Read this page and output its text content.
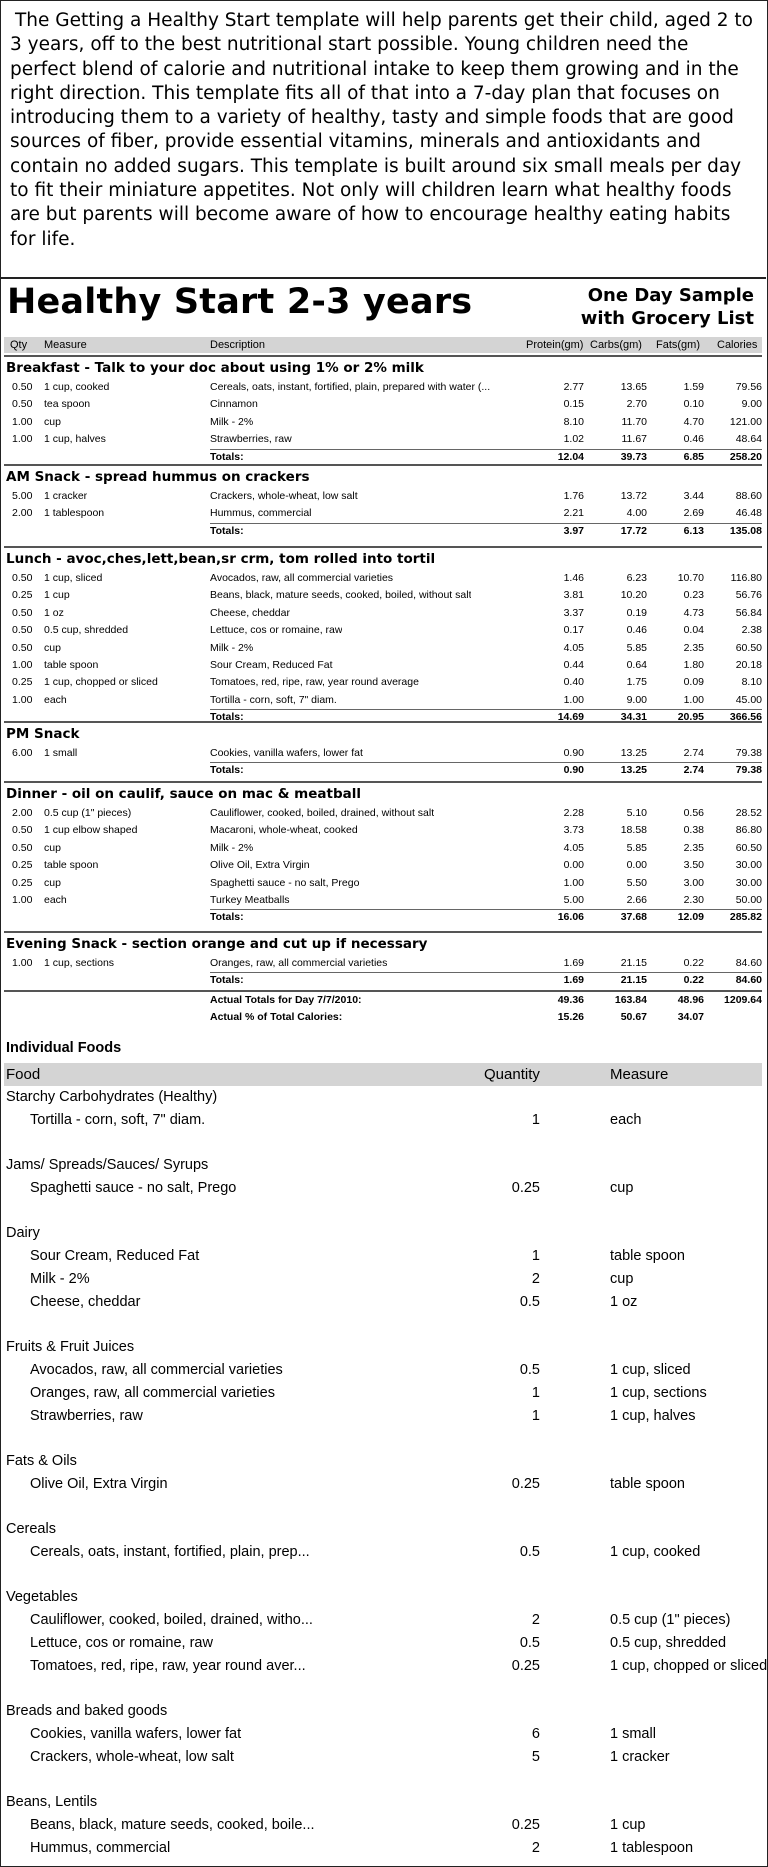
The Getting a Healthy Start template will help parents get their child, aged 2 to 3 years, off to the best nutritional start possible. Young children need the perfect blend of calorie and nutritional intake to keep them growing and in the right direction. This template fits all of that into a 7-day plan that focuses on introducing them to a variety of healthy, tasty and simple foods that are good sources of fiber, provide essential vitamins, minerals and antioxidants and contain no added sugars. This template is built around six small meals per day to fit their miniature appetites. Not only will children learn what healthy foods are but parents will become aware of how to encourage healthy eating habits for life.

Healthy Start 2-3 years	One Day Sample
with Grocery List
Qty Measure	Description	Protein(gm) Carbs(gm) Fats(gm) Calories
Breakfast - Talk to your doc about using 1% or 2% milk
0.50 1 cup, cooked	Cereals, oats, instant, fortified, plain, prepared with water (...	2.77	13.65	1.59	79.56
0.50 tea spoon	Cinnamon	0.15	2.70	0.10	9.00
1.00 cup	Milk - 2%	8.10	11.70	4.70	121.00
1.00 1 cup, halves	Strawberries, raw	1.02	11.67	0.46	48.64
Totals:	12.04	39.73	6.85	258.20
AM Snack - spread hummus on crackers
5.00 1 cracker	Crackers, whole-wheat, low salt	1.76	13.72	3.44	88.60
2.00 1 tablespoon	Hummus, commercial	2.21	4.00	2.69	46.48
Totals:	3.97	17.72	6.13	135.08
Lunch - avoc,ches,lett,bean,sr crm, tom rolled into tortil
0.50 1 cup, sliced	Avocados, raw, all commercial varieties	1.46	6.23	10.70	116.80
0.25 1 cup	Beans, black, mature seeds, cooked, boiled, without salt	3.81	10.20	0.23	56.76
0.50 1 oz	Cheese, cheddar	3.37	0.19	4.73	56.84
0.50 0.5 cup, shredded	Lettuce, cos or romaine, raw	0.17	0.46	0.04	2.38
0.50 cup	Milk - 2%	4.05	5.85	2.35	60.50
1.00 table spoon	Sour Cream, Reduced Fat	0.44	0.64	1.80	20.18
0.25 1 cup, chopped or sliced	Tomatoes, red, ripe, raw, year round average	0.40	1.75	0.09	8.10
1.00 each	Tortilla - corn, soft, 7" diam.	1.00	9.00	1.00	45.00
Totals:	14.69	34.31	20.95	366.56
PM Snack
6.00 1 small	Cookies, vanilla wafers, lower fat	0.90	13.25	2.74	79.38
Totals:	0.90	13.25	2.74	79.38
Dinner - oil on caulif, sauce on mac & meatball
2.00 0.5 cup (1" pieces)	Cauliflower, cooked, boiled, drained, without salt	2.28	5.10	0.56	28.52
0.50 1 cup elbow shaped	Macaroni, whole-wheat, cooked	3.73	18.58	0.38	86.80
0.50 cup	Milk - 2%	4.05	5.85	2.35	60.50
0.25 table spoon	Olive Oil, Extra Virgin	0.00	0.00	3.50	30.00
0.25 cup	Spaghetti sauce - no salt, Prego	1.00	5.50	3.00	30.00
1.00 each	Turkey Meatballs	5.00	2.66	2.30	50.00
Totals:	16.06	37.68	12.09	285.82
Evening Snack - section orange and cut up if necessary
1.00 1 cup, sections	Oranges, raw, all commercial varieties	1.69	21.15	0.22	84.60
Totals:	1.69	21.15	0.22	84.60
Actual Totals for Day 7/7/2010:	49.36	163.84	48.96	1209.64
Actual % of Total Calories:	15.26	50.67	34.07
Individual Foods
Food	Quantity	Measure
Starchy Carbohydrates (Healthy)
Tortilla - corn, soft, 7" diam.	1	each
Jams/ Spreads/Sauces/ Syrups
Spaghetti sauce - no salt, Prego	0.25	cup
Dairy
Sour Cream, Reduced Fat	1	table spoon
Milk - 2%	2	cup
Cheese, cheddar	0.5	1 oz
Fruits & Fruit Juices
Avocados, raw, all commercial varieties	0.5	1 cup, sliced
Oranges, raw, all commercial varieties	1	1 cup, sections
Strawberries, raw	1	1 cup, halves
Fats & Oils
Olive Oil, Extra Virgin	0.25	table spoon
Cereals
Cereals, oats, instant, fortified, plain, prep...	0.5	1 cup, cooked
Vegetables
Cauliflower, cooked, boiled, drained, witho...	2	0.5 cup (1" pieces)
Lettuce, cos or romaine, raw	0.5	0.5 cup, shredded
Tomatoes, red, ripe, raw, year round aver...	0.25	1 cup, chopped or sliced
Breads and baked goods
Cookies, vanilla wafers, lower fat	6	1 small
Crackers, whole-wheat, low salt	5	1 cracker
Beans, Lentils
Beans, black, mature seeds, cooked, boile...	0.25	1 cup
Hummus, commercial	2	1 tablespoon
